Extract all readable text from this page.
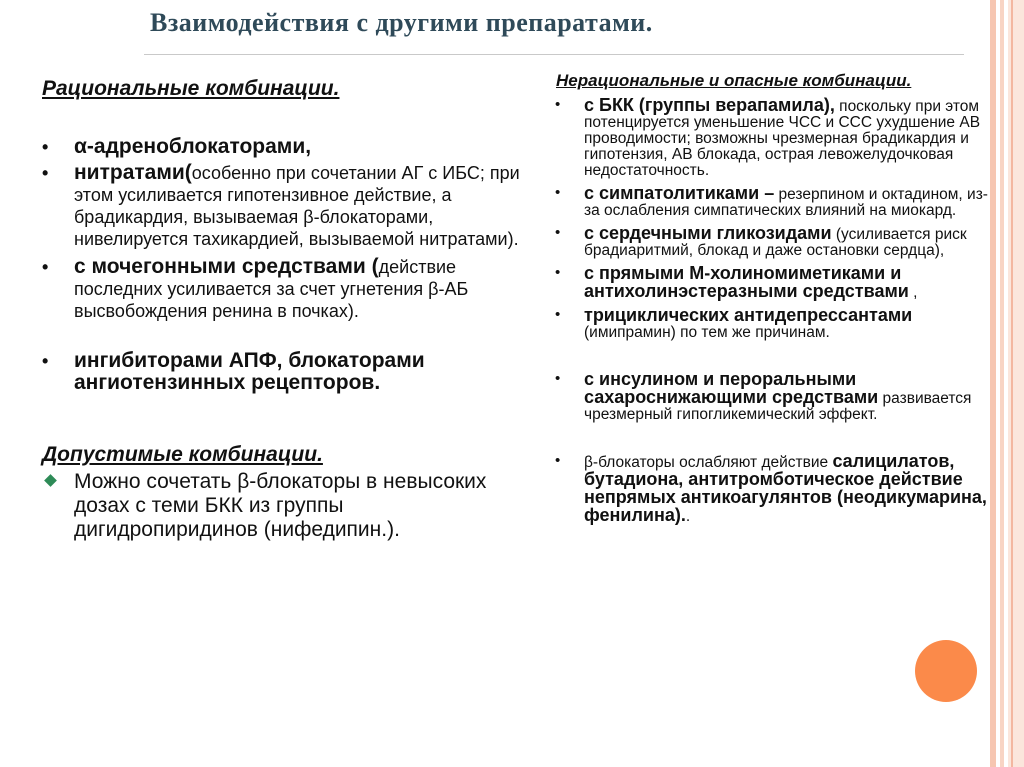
Взаимодействия с другими препаратами.
Рациональные комбинации.
• α-адреноблокаторами,
• нитратами(особенно при сочетании АГ с ИБС; при этом усиливается гипотензивное действие, а брадикардия, вызываемая β-блокаторами, нивелируется тахикардией, вызываемой нитратами).
• с мочегонными средствами (действие последних усиливается за счет угнетения β-АБ высвобождения ренина в почках).
• ингибиторами АПФ, блокаторами ангиотензинных рецепторов.
Допустимые комбинации.
Можно сочетать β-блокаторы в невысоких дозах с теми БКК из группы дигидропиридинов (нифедипин.).
Нерациональные и опасные комбинации.
• с БКК (группы верапамила), поскольку при этом потенцируется уменьшение ЧСС и ССС ухудшение АВ проводимости; возможны чрезмерная брадикардия и гипотензия, АВ блокада, острая левожелудочковая недостаточность.
• с симпатолитиками – резерпином и октадином, из-за ослабления симпатических влияний на миокард.
• с сердечными гликозидами (усиливается риск брадиаритмий, блокад и даже остановки сердца),
• с прямыми М-холиномиметиками и антихолинэстеразными средствами ,
• трициклических антидепрессантами (имипрамин) по тем же причинам.
• с инсулином и пероральными сахароснижающими средствами развивается чрезмерный гипогликемический эффект.
• β-блокаторы ослабляют действие салицилатов, бутадиона, антитромботическое действие непрямых антикоагулянтов (неодикумарина, фенилина)..
